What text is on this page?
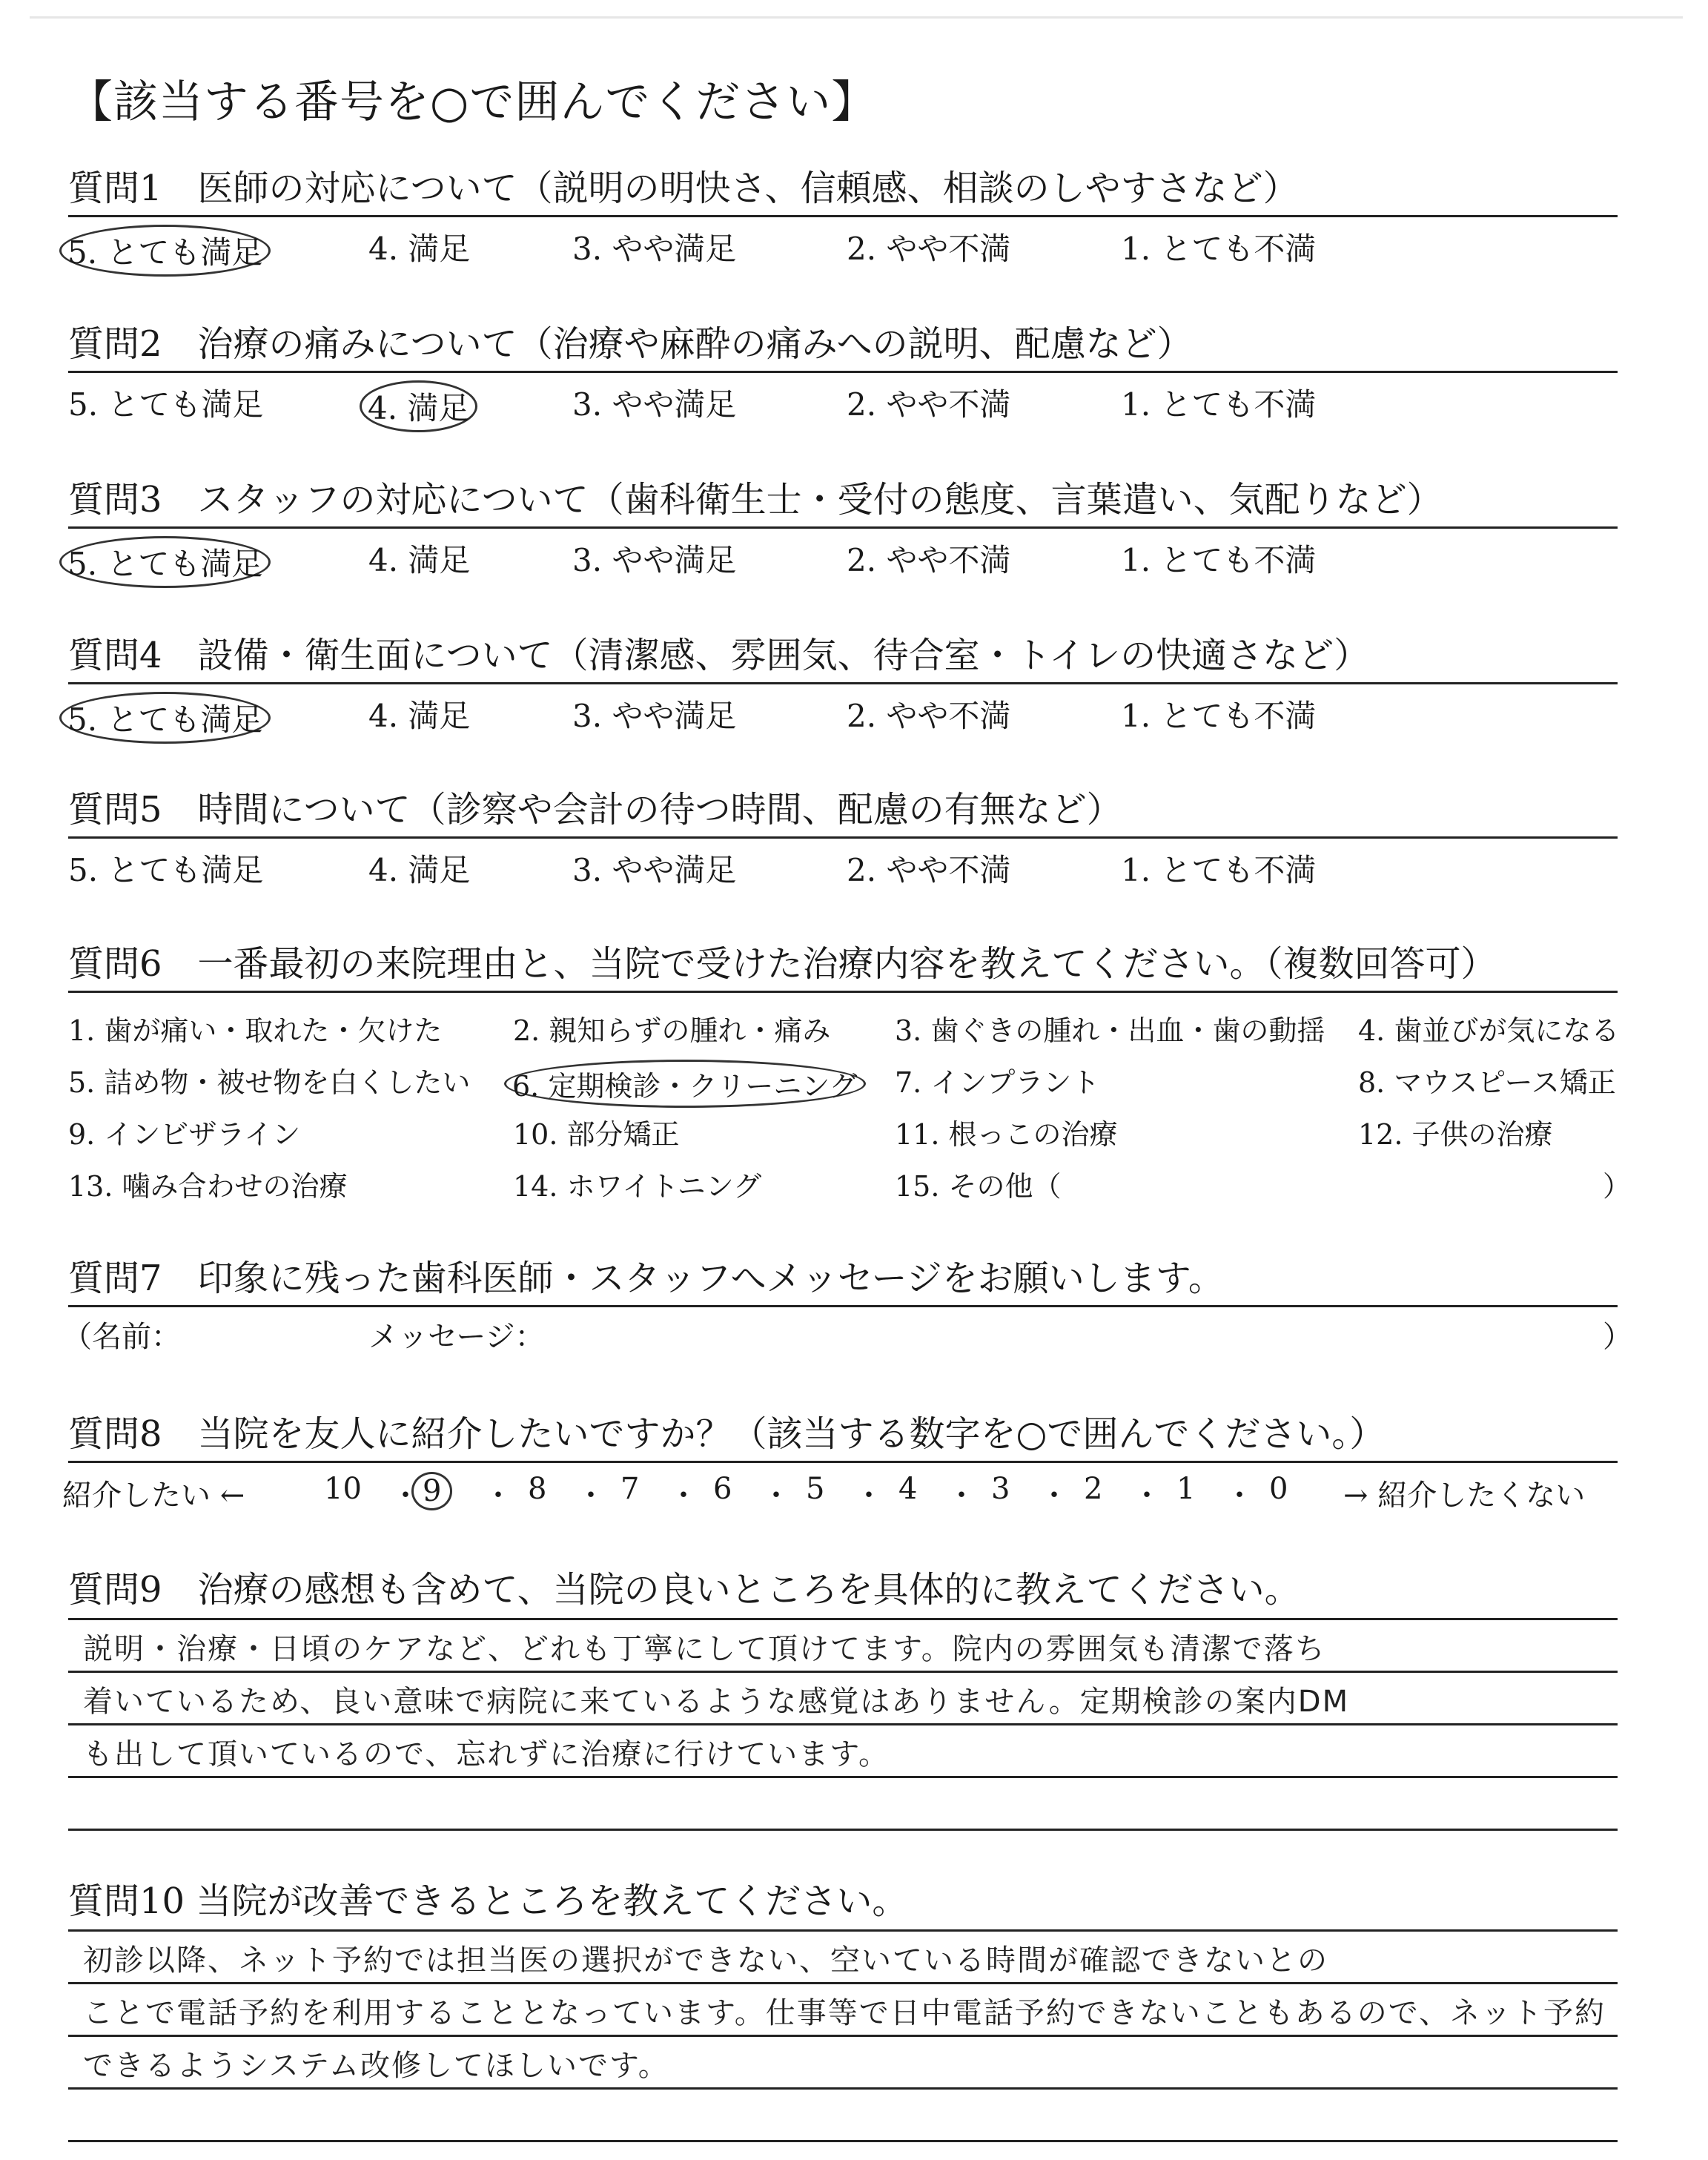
【該当する番号を○で囲んでください】
質問1　医師の対応について（説明の明快さ、信頼感、相談のしやすさなど）
5. とても満足	4. 満足	3. やや満足	2. やや不満	1. とても不満
質問2　治療の痛みについて（治療や麻酔の痛みへの説明、配慮など）
5. とても満足	4. 満足	3. やや満足	2. やや不満	1. とても不満
質問3　スタッフの対応について（歯科衛生士・受付の態度、言葉遣い、気配りなど）
5. とても満足	4. 満足	3. やや満足	2. やや不満	1. とても不満
質問4　設備・衛生面について（清潔感、雰囲気、待合室・トイレの快適さなど）
5. とても満足	4. 満足	3. やや満足	2. やや不満	1. とても不満
質問5　時間について（診察や会計の待つ時間、配慮の有無など）
5. とても満足	4. 満足	3. やや満足	2. やや不満	1. とても不満
質問6　一番最初の来院理由と、当院で受けた治療内容を教えてください。（複数回答可）
1. 歯が痛い・取れた・欠けた	2. 親知らずの腫れ・痛み 3. 歯ぐきの腫れ・出血・歯の動揺 4. 歯並びが気になる
5. 詰め物・被せ物を白くしたい 6. 定期検診・クリーニング 7. インプラント	8. マウスピース矯正
9. インビザライン	10. 部分矯正	11. 根っこの治療	12. 子供の治療
13. 噛み合わせの治療	14. ホワイトニング	15. その他（	）
質問7　印象に残った歯科医師・スタッフへメッセージをお願いします。
（名前：	メッセージ：	）
質問8　当院を友人に紹介したいですか？（該当する数字を○で囲んでください。）
紹介したい ←	10 ・ 9	・ 8 ・ 7 ・ 6 ・ 5 ・ 4 ・ 3 ・ 2 ・ 1 ・ 0 → 紹介したくない
質問9　治療の感想も含めて、当院の良いところを具体的に教えてください。
説明・治療・日頃のケアなど、どれも丁寧にして頂けてます。院内の雰囲気も清潔で落ち
着いているため、良い意味で病院に来ているような感覚はありません。定期検診の案内DM
も出して頂いているので、忘れずに治療に行けています。
質問10 当院が改善できるところを教えてください。
初診以降、ネット予約では担当医の選択ができない、空いている時間が確認できないとの
ことで電話予約を利用することとなっています。仕事等で日中電話予約できないこともあるので、ネット予約
できるようシステム改修してほしいです。
